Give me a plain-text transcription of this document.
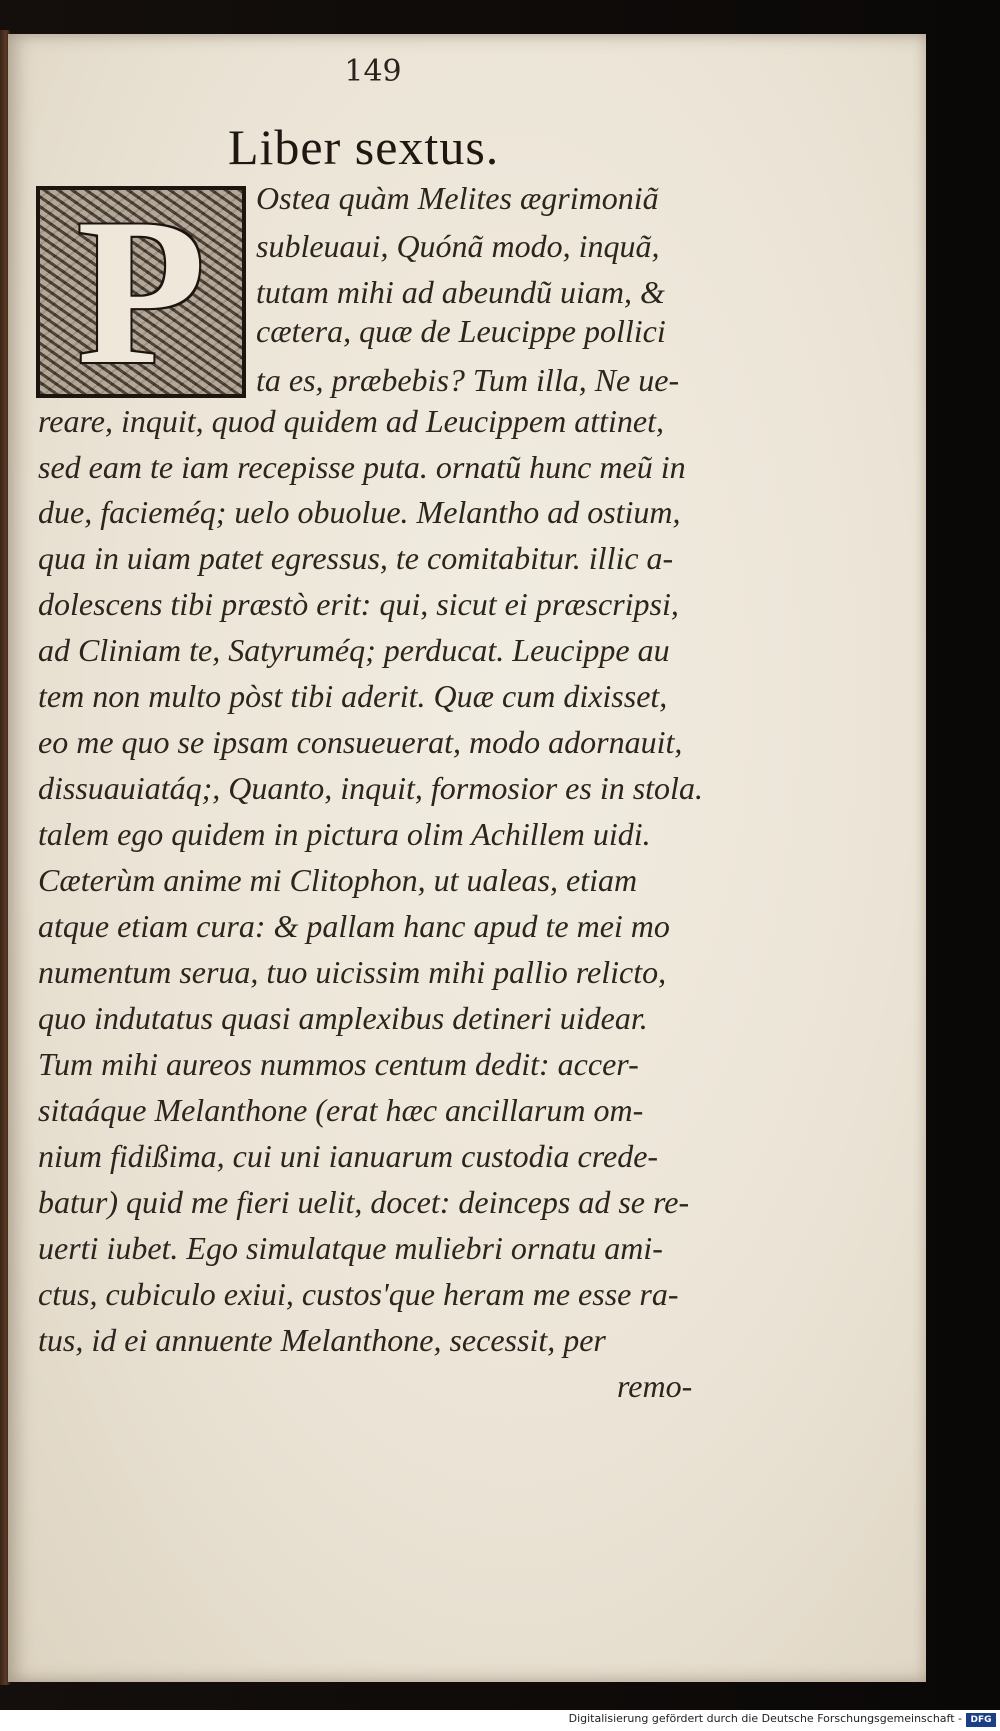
149
Liber sextus.
P	Ostea quàm Melites ægrimoniã
subleuaui, Quónã modo, inquã,
tutam mihi ad abeundũ uiam, &
cætera, quæ de Leucippe pollici
ta es, præbebis? Tum illa, Ne ue-
reare, inquit, quod quidem ad Leucippem attinet,
sed eam te iam recepisse puta. ornatũ hunc meũ in
due, facieméq; uelo obuolue. Melantho ad ostium,
qua in uiam patet egressus, te comitabitur. illic a-
dolescens tibi præstò erit: qui, sicut ei præscripsi,
ad Cliniam te, Satyruméq; perducat. Leucippe au
tem non multo pòst tibi aderit. Quæ cum dixisset,
eo me quo se ipsam consueuerat, modo adornauit,
dissuauiatáq;, Quanto, inquit, formosior es in stola.
talem ego quidem in pictura olim Achillem uidi.
Cæterùm anime mi Clitophon, ut ualeas, etiam
atque etiam cura: & pallam hanc apud te mei mo
numentum serua, tuo uicissim mihi pallio relicto,
quo indutatus quasi amplexibus detineri uidear.
Tum mihi aureos nummos centum dedit: accer-
sitaáque Melanthone (erat hæc ancillarum om-
nium fidißima, cui uni ianuarum custodia crede-
batur) quid me fieri uelit, docet: deinceps ad se re-
uerti iubet. Ego simulatque muliebri ornatu ami-
ctus, cubiculo exiui, custos'que heram me esse ra-
tus, id ei annuente Melanthone, secessit, per
remo-
Digitalisierung gefördert durch die Deutsche Forschungsgemeinschaft - DFG
